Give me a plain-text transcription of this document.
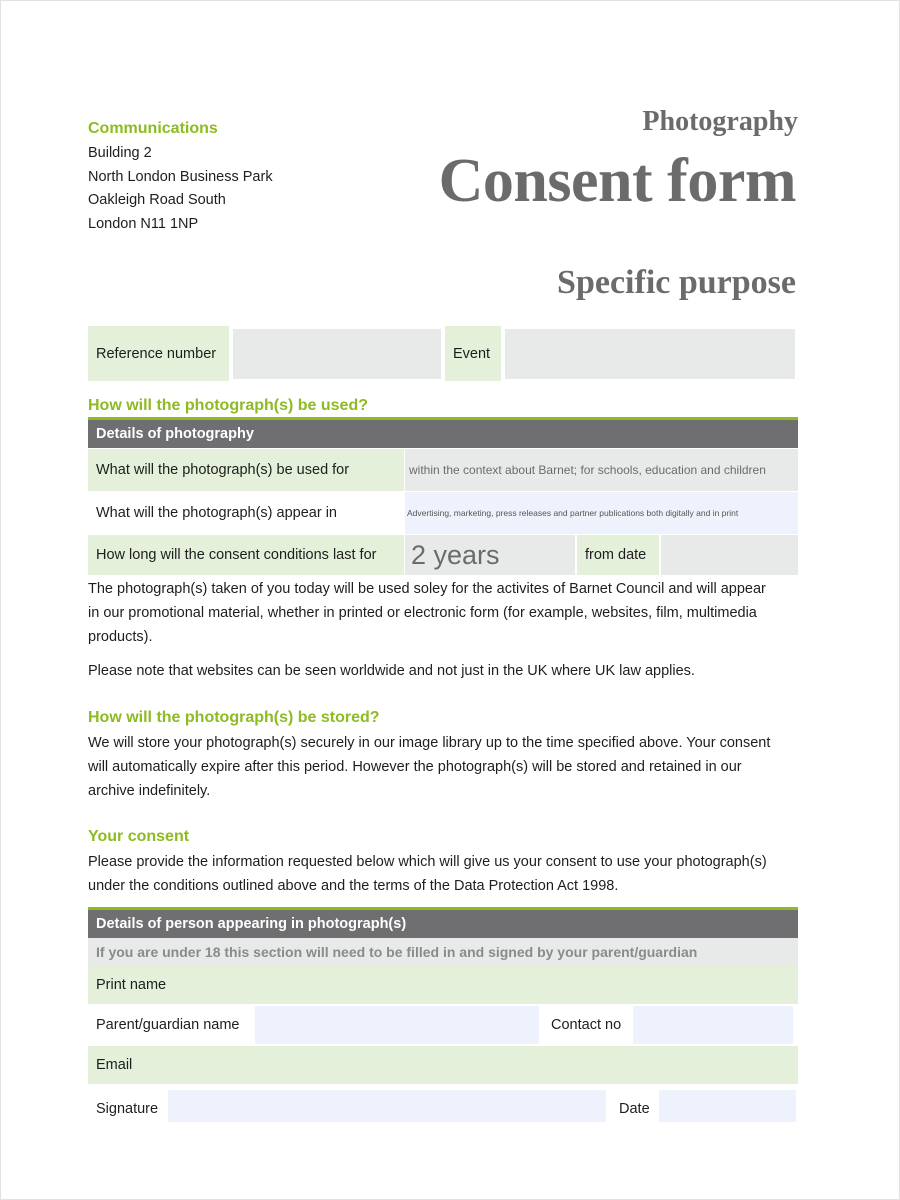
Communications
Building 2
North London Business Park
Oakleigh Road South
London N11 1NP
Photography
Consent form
Specific purpose
Reference number	Event
How will the photograph(s) be used?
Details of photography
What will the photograph(s) be used for	within the context about Barnet; for schools, education and children
What will the photograph(s) appear in	Advertising, marketing, press releases and partner publications both digitally and in print
How long will the consent conditions last for	2 years	from date
The photograph(s) taken of you today will be used soley for the activites of Barnet Council and will appear in our promotional material, whether in printed or electronic form (for example, websites, film, multimedia products).
Please note that websites can be seen worldwide and not just in the UK where UK law applies.
How will the photograph(s) be stored?
We will store your photograph(s) securely in our image library up to the time specified above. Your consent will automatically expire after this period. However the photograph(s) will be stored and retained in our archive indefinitely.
Your consent
Please provide the information requested below which will give us your consent to use your photograph(s) under the conditions outlined above and the terms of the Data Protection Act 1998.
Details of person appearing in photograph(s)
If you are under 18 this section will need to be filled in and signed by your parent/guardian
Print name
Parent/guardian name	Contact no
Email
Signature	Date
